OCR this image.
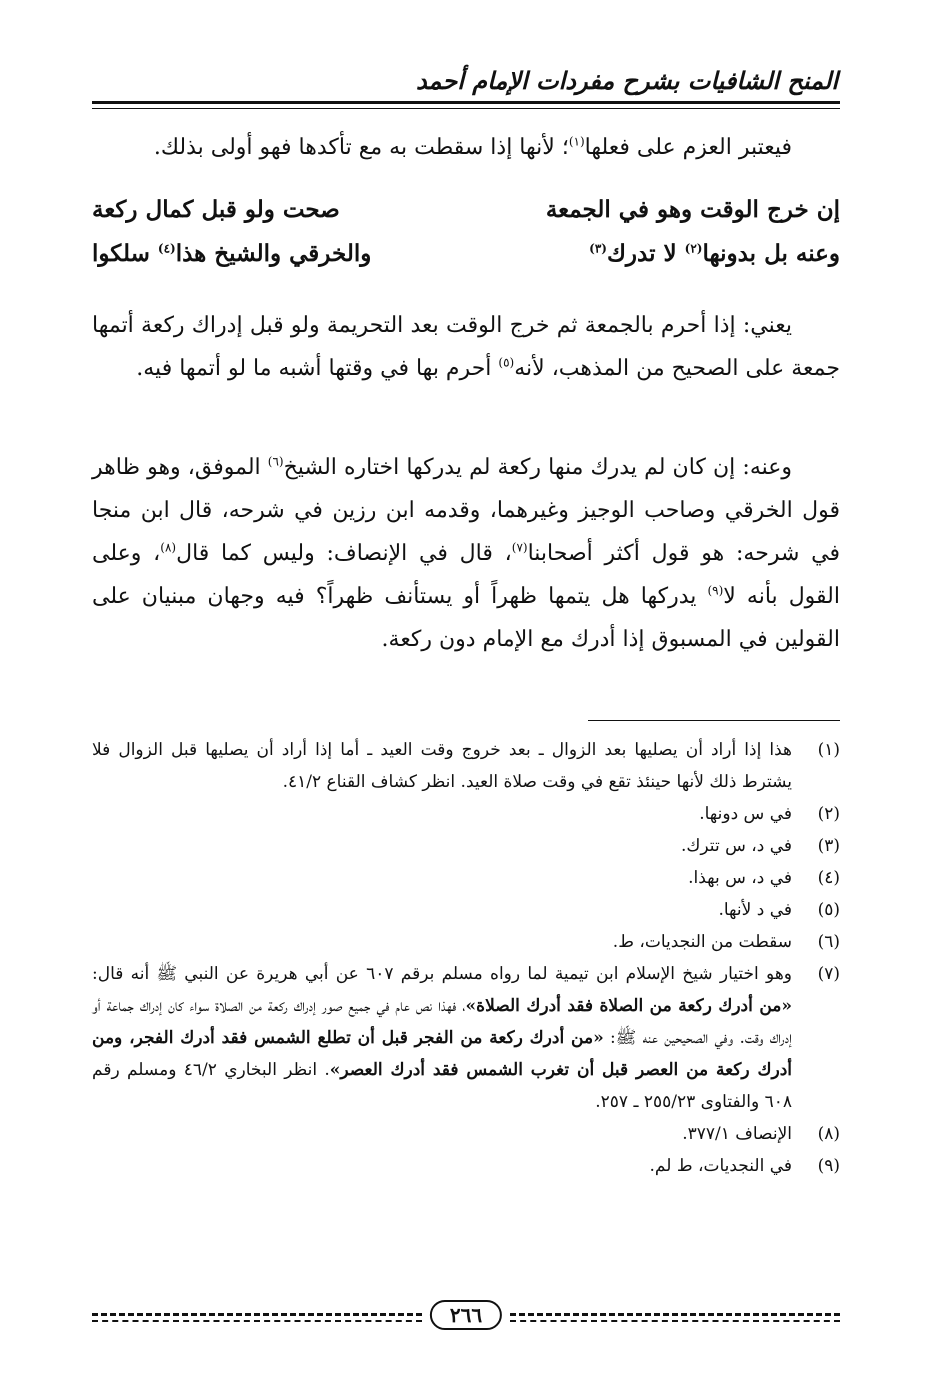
المنح الشافيات بشرح مفردات الإمام أحمد

فيعتبر العزم على فعلها$^{(١)}$؛ لأنها إذا سقطت به مع تأكدها فهو أولى بذلك.

إن خرج الوقت وهو في الجمعة
صحت ولو قبل كمال ركعة
وعنه بل بدونها$^{(٢)}$ لا تدرك$^{(٣)}$
والخرقي والشيخ هذا$^{(٤)}$ سلكوا

يعني: إذا أحرم بالجمعة ثم خرج الوقت بعد التحريمة ولو قبل إدراك ركعة أتمها جمعة على الصحيح من المذهب، لأنه$^{(٥)}$ أحرم بها في وقتها أشبه ما لو أتمها فيه.

وعنه: إن كان لم يدرك منها ركعة لم يدركها اختاره الشيخ$^{(٦)}$ الموفق، وهو ظاهر قول الخرقي وصاحب الوجيز وغيرهما، وقدمه ابن رزين في شرحه، قال ابن منجا في شرحه: هو قول أكثر أصحابنا$^{(٧)}$، قال في الإنصاف: وليس كما قال$^{(٨)}$، وعلى القول بأنه لا$^{(٩)}$ يدركها هل يتمها ظهراً أو يستأنف ظهراً؟ فيه وجهان مبنيان على القولين في المسبوق إذا أدرك مع الإمام دون ركعة.

(١)
هذا إذا أراد أن يصليها بعد الزوال ـ بعد خروج وقت العيد ـ أما إذا أراد أن يصليها قبل الزوال فلا يشترط ذلك لأنها حينئذ تقع في وقت صلاة العيد. انظر كشاف القناع ٤١/٢.
(٢)
في س دونها.
(٣)
في د، س تترك.
(٤)
في د، س بهذا.
(٥)
في د لأنها.
(٦)
سقطت من النجديات، ط.
(٧)
وهو اختيار شيخ الإسلام ابن تيمية لما رواه مسلم برقم ٦٠٧ عن أبي هريرة عن النبي ﷺ أنه قال: «من أدرك ركعة من الصلاة فقد أدرك الصلاة»، فهذا نص عام في جميع صور إدراك ركعة من الصلاة سواء كان إدراك جماعة أو إدراك وقت. وفي الصحيحين عنه ﷺ: «من أدرك ركعة من الفجر قبل أن تطلع الشمس فقد أدرك الفجر، ومن أدرك ركعة من العصر قبل أن تغرب الشمس فقد أدرك العصر». انظر البخاري ٤٦/٢ ومسلم رقم ٦٠٨ والفتاوى ٢٥٥/٢٣ ـ ٢٥٧.
(٨)
الإنصاف ٣٧٧/١.
(٩)
في النجديات، ط لم.
٢٦٦
